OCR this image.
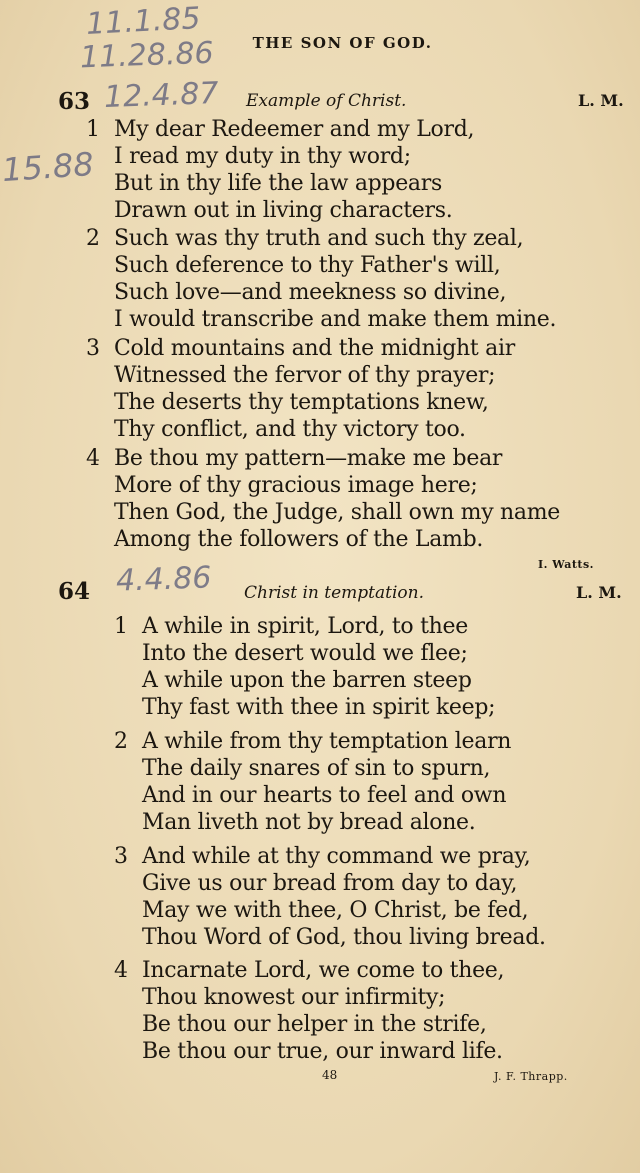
11.1.85
11.28.86
12.4.87
15.88
4.4.86
THE SON OF GOD.
63	Example of Christ.	L. M.
1 My dear Redeemer and my Lord,
I read my duty in thy word;
But in thy life the law appears
Drawn out in living characters.
2 Such was thy truth and such thy zeal,
Such deference to thy Father's will,
Such love—and meekness so divine,
I would transcribe and make them mine.
3 Cold mountains and the midnight air
Witnessed the fervor of thy prayer;
The deserts thy temptations knew,
Thy conflict, and thy victory too.
4 Be thou my pattern—make me bear
More of thy gracious image here;
Then God, the Judge, shall own my name
Among the followers of the Lamb.
I. Watts.
64	Christ in temptation.	L. M.
1 A while in spirit, Lord, to thee
Into the desert would we flee;
A while upon the barren steep
Thy fast with thee in spirit keep;
2 A while from thy temptation learn
The daily snares of sin to spurn,
And in our hearts to feel and own
Man liveth not by bread alone.
3 And while at thy command we pray,
Give us our bread from day to day,
May we with thee, O Christ, be fed,
Thou Word of God, thou living bread.
4 Incarnate Lord, we come to thee,
Thou knowest our infirmity;
Be thou our helper in the strife,
Be thou our true, our inward life.
48	J. F. Thrapp.
